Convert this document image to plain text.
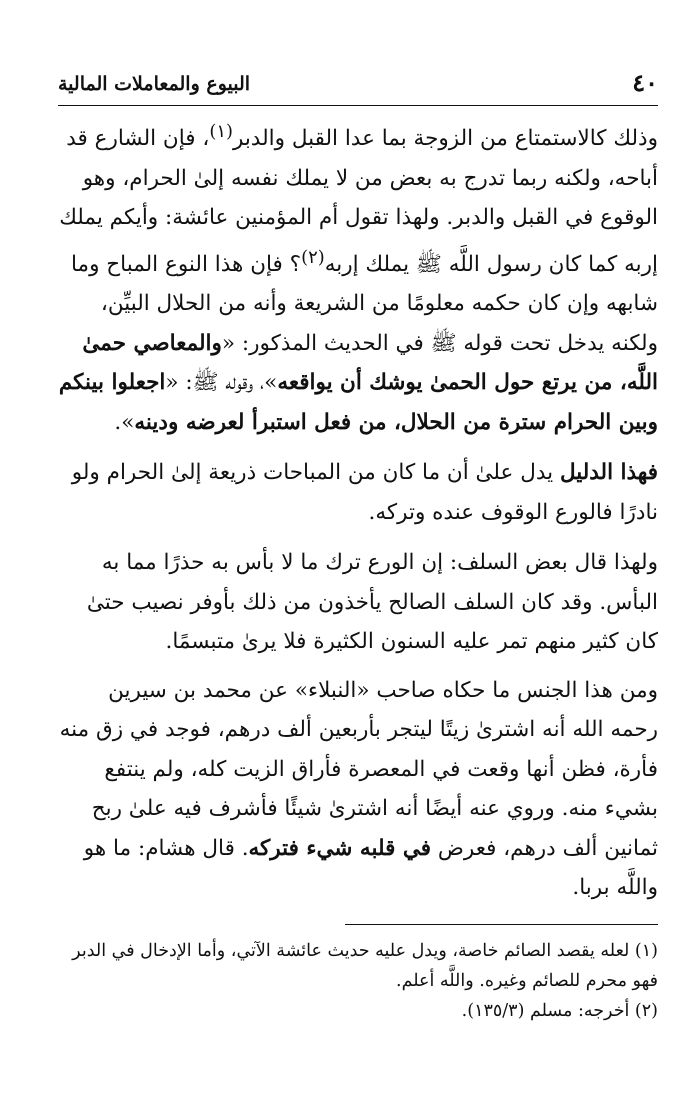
٤٠
البيوع والمعاملات المالية

وذلك كالاستمتاع من الزوجة بما عدا القبل والدبر$^{(١)}$، فإن الشارع قد أباحه، ولكنه ربما تدرج به بعض من لا يملك نفسه إلىٰ الحرام، وهو الوقوع في القبل والدبر. ولهذا تقول أم المؤمنين عائشة: وأيكم يملك إربه كما كان رسول اللَّه ﷺ يملك إربه$^{(٢)}$؟ فإن هذا النوع المباح وما شابهه وإن كان حكمه معلومًا من الشريعة وأنه من الحلال البيِّن، ولكنه يدخل تحت قوله ﷺ في الحديث المذكور: «والمعاصي حمىٰ اللَّه، من يرتع حول الحمىٰ يوشك أن يواقعه»، وقوله ﷺ: «اجعلوا بينكم وبين الحرام سترة من الحلال، من فعل استبرأ لعرضه ودينه».

فهذا الدليل يدل علىٰ أن ما كان من المباحات ذريعة إلىٰ الحرام ولو نادرًا فالورع الوقوف عنده وتركه.

ولهذا قال بعض السلف: إن الورع ترك ما لا بأس به حذرًا مما به البأس. وقد كان السلف الصالح يأخذون من ذلك بأوفر نصيب حتىٰ كان كثير منهم تمر عليه السنون الكثيرة فلا يرىٰ متبسمًا.

ومن هذا الجنس ما حكاه صاحب «النبلاء» عن محمد بن سيرين رحمه الله أنه اشترىٰ زيتًا ليتجر بأربعين ألف درهم، فوجد في زق منه فأرة، فظن أنها وقعت في المعصرة فأراق الزيت كله، ولم ينتفع بشيء منه. وروي عنه أيضًا أنه اشترىٰ شيئًا فأشرف فيه علىٰ ربح ثمانين ألف درهم، فعرض في قلبه شيء فتركه. قال هشام: ما هو واللَّه بربا.

(١) لعله يقصد الصائم خاصة، ويدل عليه حديث عائشة الآتي، وأما الإدخال في الدبر فهو محرم للصائم وغيره. واللَّه أعلم.

(٢) أخرجه: مسلم (١٣٥/٣).
